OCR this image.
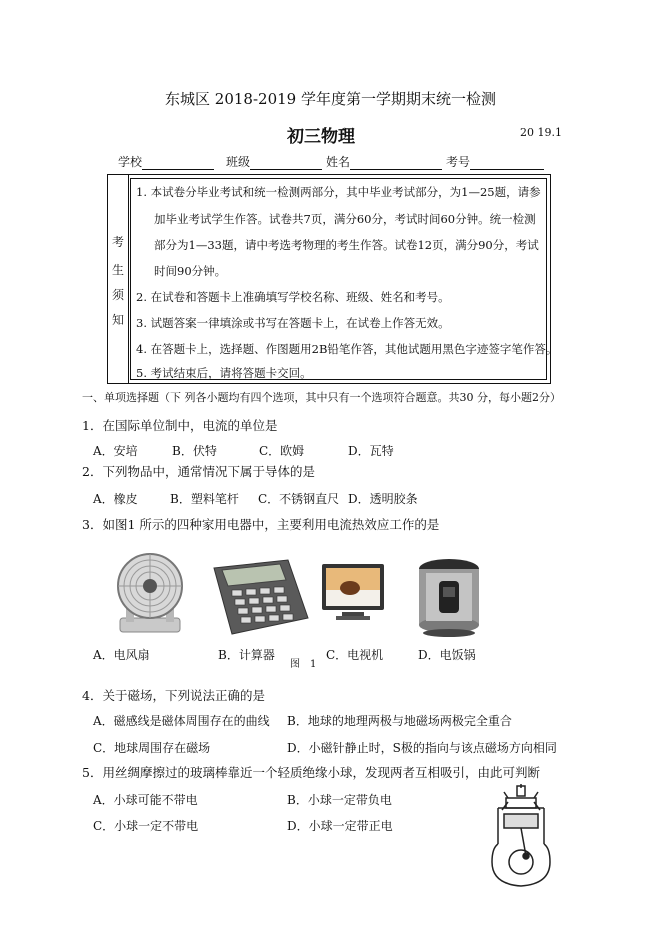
东城区 2018-2019 学年度第一学期期末统一检测
初三物理	20 19.1
学校	班级	姓名	考号
考
生
须
知
1. 本试卷分毕业考试和统一检测两部分，其中毕业考试部分，为1—25题，请参
加毕业考试学生作答。试卷共7页，满分60分，考试时间60分钟。统一检测
部分为1—33题，请中考选考物理的考生作答。试卷12页，满分90分，考试
时间90分钟。
2. 在试卷和答题卡上准确填写学校名称、班级、姓名和考号。
3. 试题答案一律填涂或书写在答题卡上，在试卷上作答无效。
4. 在答题卡上，选择题、作图题用2B铅笔作答，其他试题用黑色字迹签字笔作答。
5. 考试结束后，请将答题卡交回。
一、单项选择题（下 列各小题均有四个选项，其中只有一个选项符合题意。共30 分，每小题2分）
1．在国际单位制中，电流的单位是
A．安培	B．伏特	C．欧姆	D．瓦特
2．下列物品中，通常情况下属于导体的是
A．橡皮	B．塑料笔杆 C．不锈钢直尺 D．透明胶条
3．如图1 所示的四种家用电器中，主要利用电流热效应工作的是
A．电风扇	B．计算器
图　1
C．电视机	D．电饭锅
4．关于磁场，下列说法正确的是
A．磁感线是磁体周围存在的曲线 B．地球的地理两极与地磁场两极完全重合
C．地球周围存在磁场	D．小磁针静止时，S极的指向与该点磁场方向相同
5．用丝绸摩擦过的玻璃棒靠近一个轻质绝缘小球，发现两者互相吸引，由此可判断
A．小球可能不带电	B．小球一定带负电
C．小球一定不带电	D．小球一定带正电
